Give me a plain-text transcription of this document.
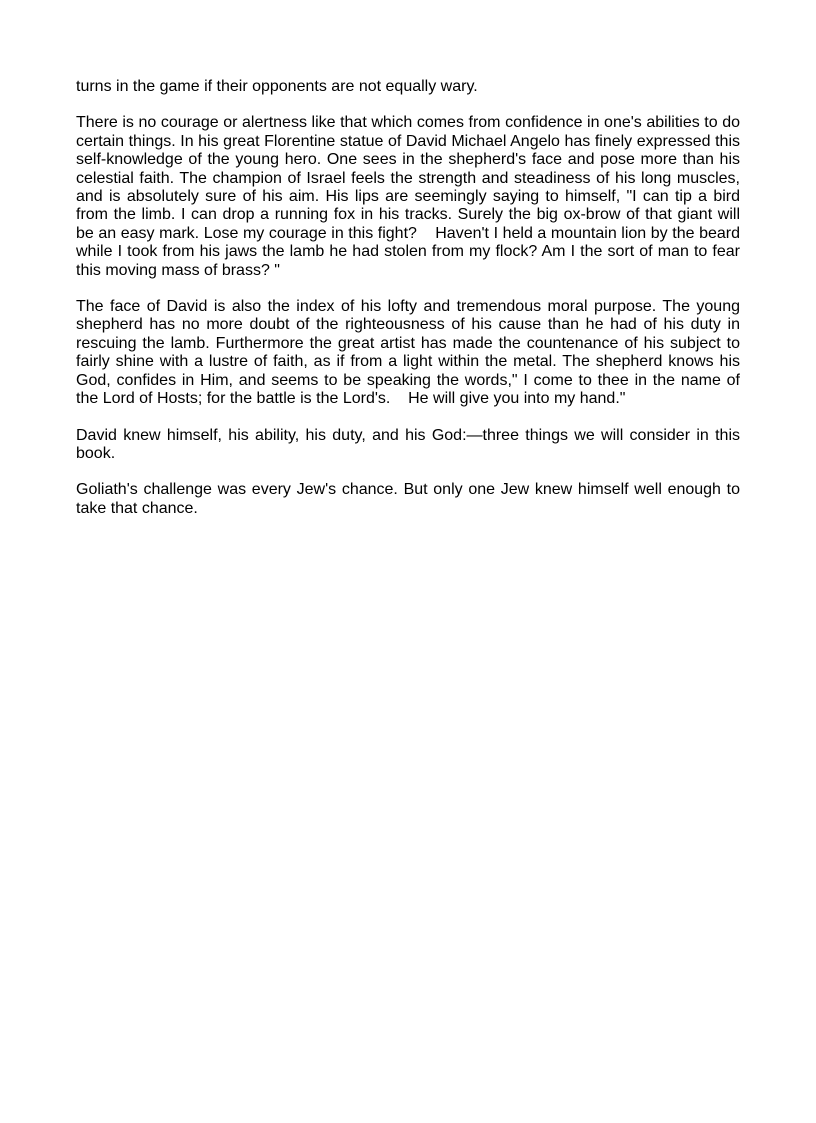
turns in the game if their opponents are not equally wary.

There is no courage or alertness like that which comes from confidence in one's abilities to do
certain things. In his great Florentine statue of David Michael Angelo has finely expressed this
self-knowledge of the young hero. One sees in the shepherd's face and pose more than his
celestial faith. The champion of Israel feels the strength and steadiness of his long muscles,
and is absolutely sure of his aim. His lips are seemingly saying to himself, "I can tip a bird
from the limb. I can drop a running fox in his tracks. Surely the big ox-brow of that giant will
be an easy mark. Lose my courage in this fight?    Haven't I held a mountain lion by the beard
while I took from his jaws the lamb he had stolen from my flock? Am I the sort of man to fear
this moving mass of brass? "

The face of David is also the index of his lofty and tremendous moral purpose. The young
shepherd has no more doubt of the righteousness of his cause than he had of his duty in
rescuing the lamb. Furthermore the great artist has made the countenance of his subject to
fairly shine with a lustre of faith, as if from a light within the metal. The shepherd knows his
God, confides in Him, and seems to be speaking the words," I come to thee in the name of
the Lord of Hosts; for the battle is the Lord's.    He will give you into my hand."

David knew himself, his ability, his duty, and his God:—three things we will consider in this
book.

Goliath's challenge was every Jew's chance. But only one Jew knew himself well enough to
take that chance.
